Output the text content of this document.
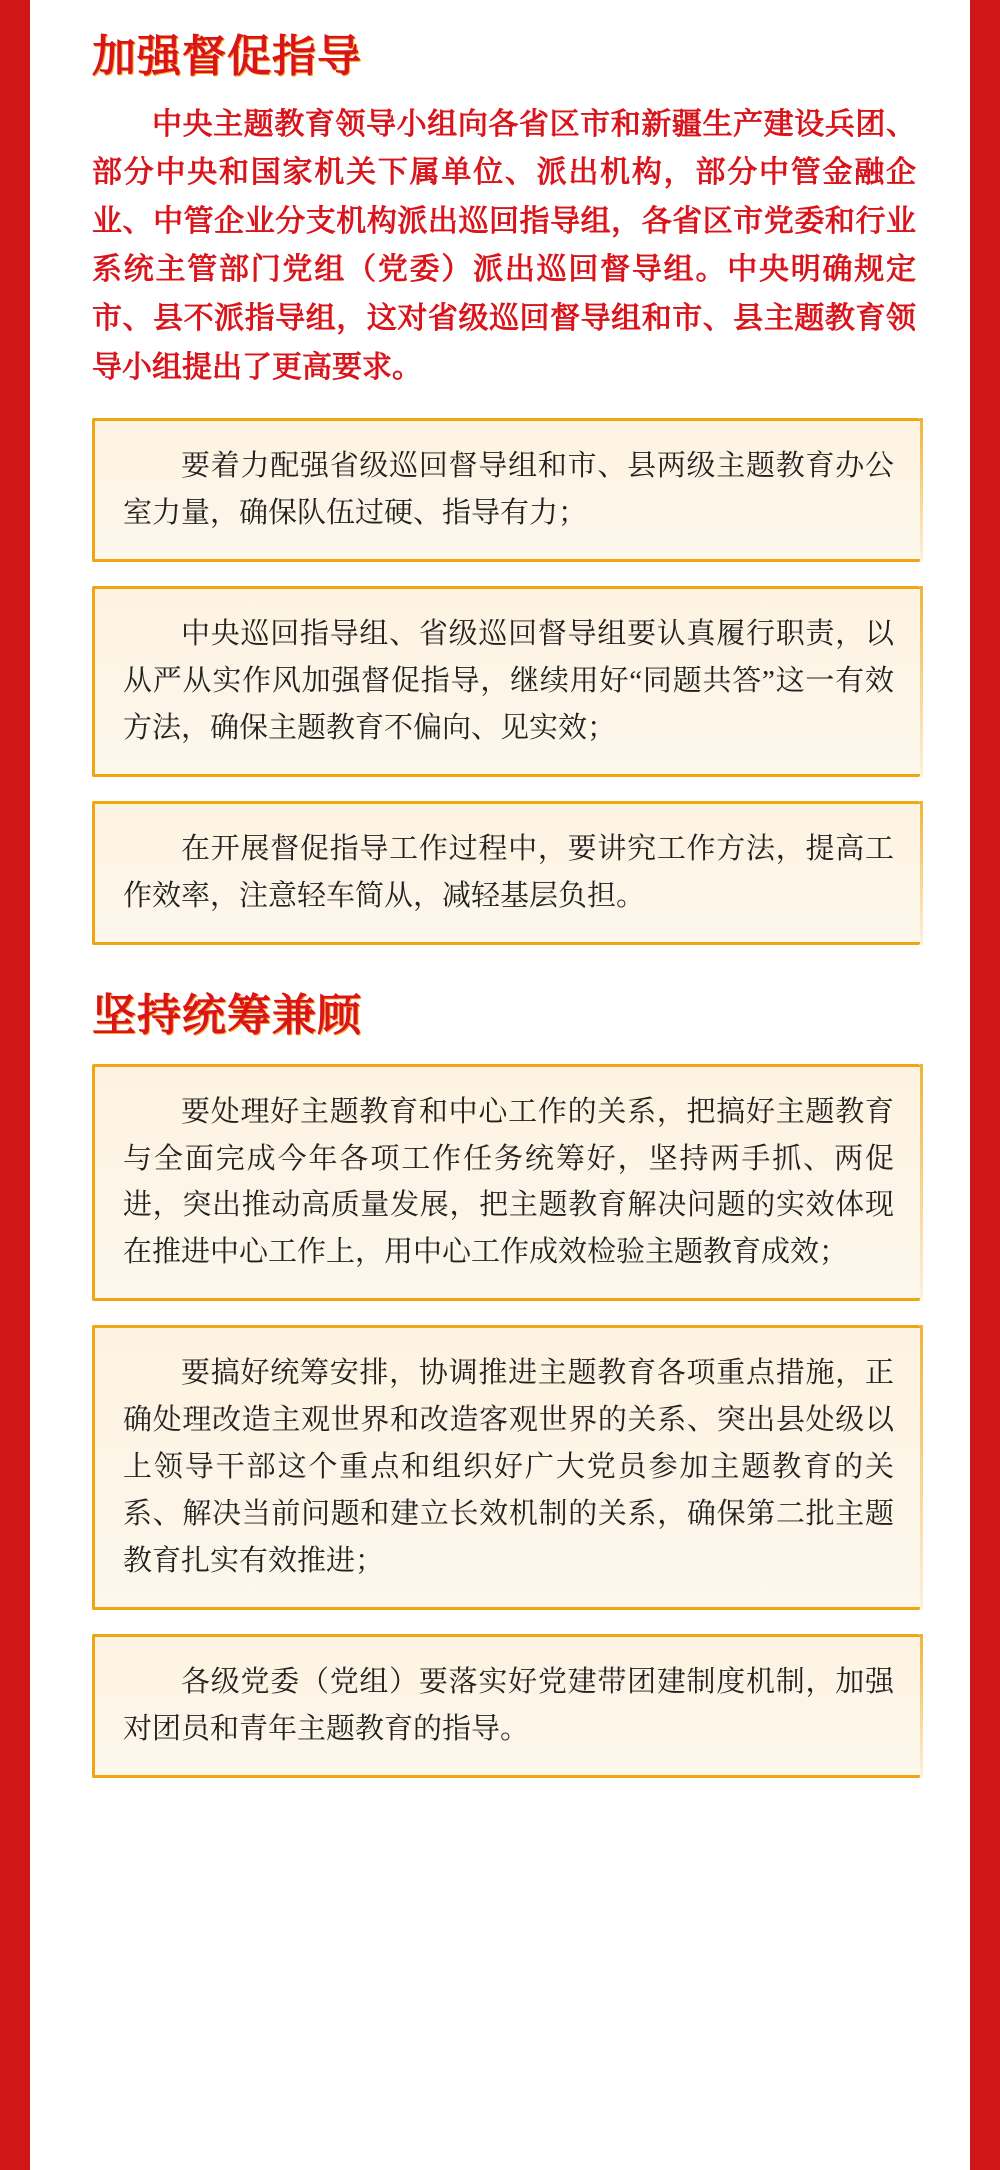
加强督促指导

中央主题教育领导小组向各省区市和新疆生产建设兵团、部分中央和国家机关下属单位、派出机构，部分中管金融企业、中管企业分支机构派出巡回指导组，各省区市党委和行业系统主管部门党组（党委）派出巡回督导组。中央明确规定市、县不派指导组，这对省级巡回督导组和市、县主题教育领导小组提出了更高要求。

要着力配强省级巡回督导组和市、县两级主题教育办公室力量，确保队伍过硬、指导有力；

中央巡回指导组、省级巡回督导组要认真履行职责，以从严从实作风加强督促指导，继续用好“同题共答”这一有效方法，确保主题教育不偏向、见实效；

在开展督促指导工作过程中，要讲究工作方法，提高工作效率，注意轻车简从，减轻基层负担。

坚持统筹兼顾

要处理好主题教育和中心工作的关系，把搞好主题教育与全面完成今年各项工作任务统筹好，坚持两手抓、两促进，突出推动高质量发展，把主题教育解决问题的实效体现在推进中心工作上，用中心工作成效检验主题教育成效；

要搞好统筹安排，协调推进主题教育各项重点措施，正确处理改造主观世界和改造客观世界的关系、突出县处级以上领导干部这个重点和组织好广大党员参加主题教育的关系、解决当前问题和建立长效机制的关系，确保第二批主题教育扎实有效推进；

各级党委（党组）要落实好党建带团建制度机制，加强对团员和青年主题教育的指导。
